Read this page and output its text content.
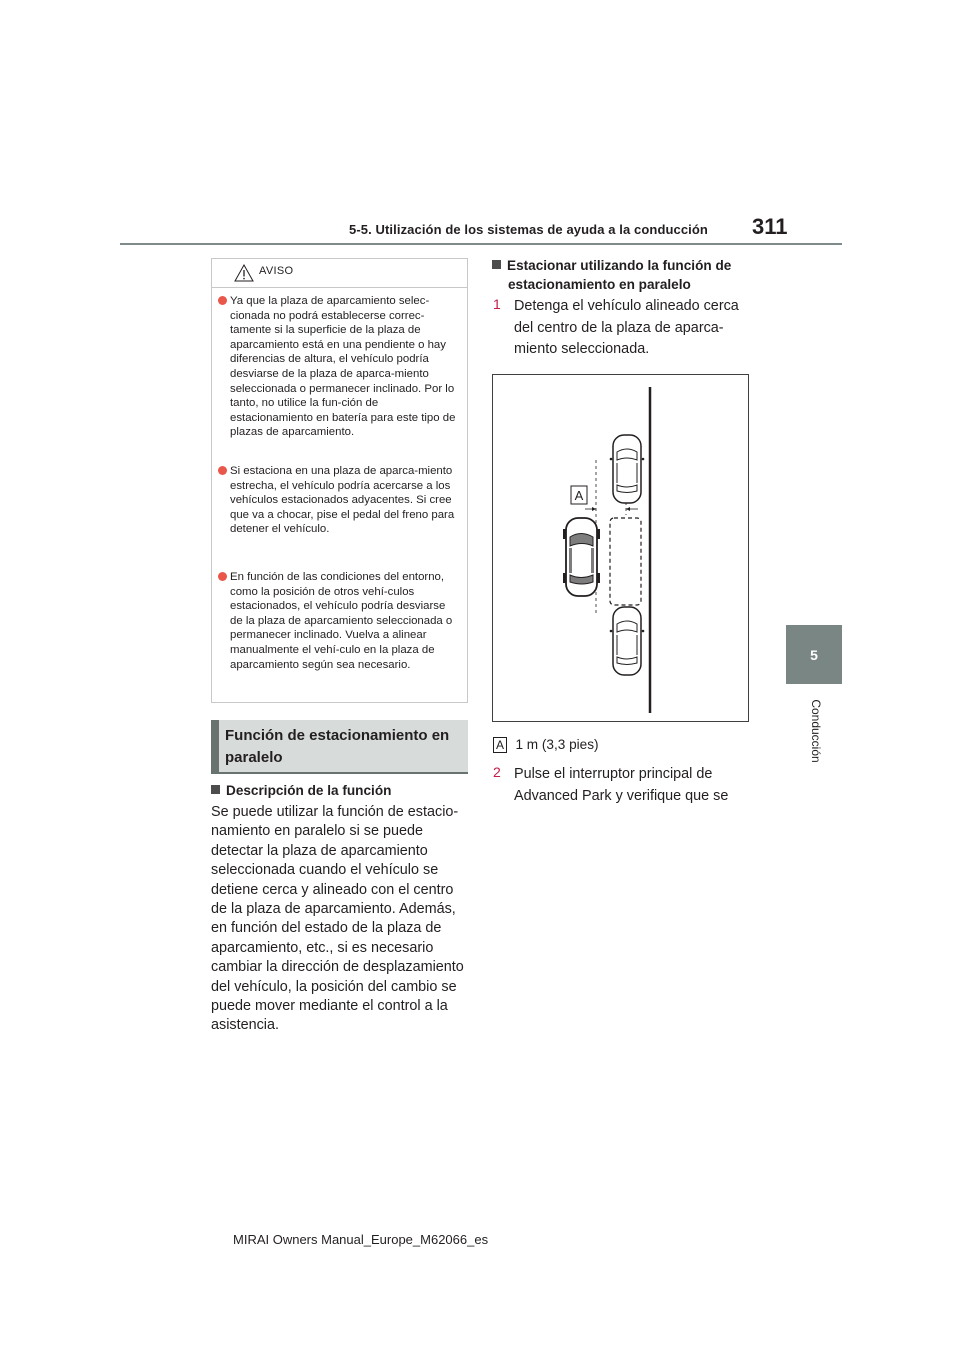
5-5. Utilización de los sistemas de ayuda a la conducción 311
5
Conducción
AVISO
Ya que la plaza de aparcamiento selec-cionada no podrá establecerse correc-tamente si la superficie de la plaza de aparcamiento está en una pendiente o hay diferencias de altura, el vehículo podría desviarse de la plaza de aparca-miento seleccionada o permanecer inclinado. Por lo tanto, no utilice la fun-ción de estacionamiento en batería para este tipo de plazas de aparcamiento.
Si estaciona en una plaza de aparca-miento estrecha, el vehículo podría acercarse a los vehículos estacionados adyacentes. Si cree que va a chocar, pise el pedal del freno para detener el vehículo.
En función de las condiciones del entorno, como la posición de otros vehí-culos estacionados, el vehículo podría desviarse de la plaza de aparcamiento seleccionada o permanecer inclinado. Vuelva a alinear manualmente el vehí-culo en la plaza de aparcamiento según sea necesario.
Función de estacionamiento en paralelo
Descripción de la función
Se puede utilizar la función de estacio-namiento en paralelo si se puede detectar la plaza de aparcamiento seleccionada cuando el vehículo se detiene cerca y alineado con el centro de la plaza de aparcamiento. Además, en función del estado de la plaza de aparcamiento, etc., si es necesario cambiar la dirección de desplazamiento del vehículo, la posición del cambio se puede mover mediante el control a la asistencia.
Estacionar utilizando la función de estacionamiento en paralelo
1 Detenga el vehículo alineado cerca del centro de la plaza de aparca-miento seleccionada.
A
A 1 m (3,3 pies)
2 Pulse el interruptor principal de Advanced Park y verifique que se
MIRAI Owners Manual_Europe_M62066_es
